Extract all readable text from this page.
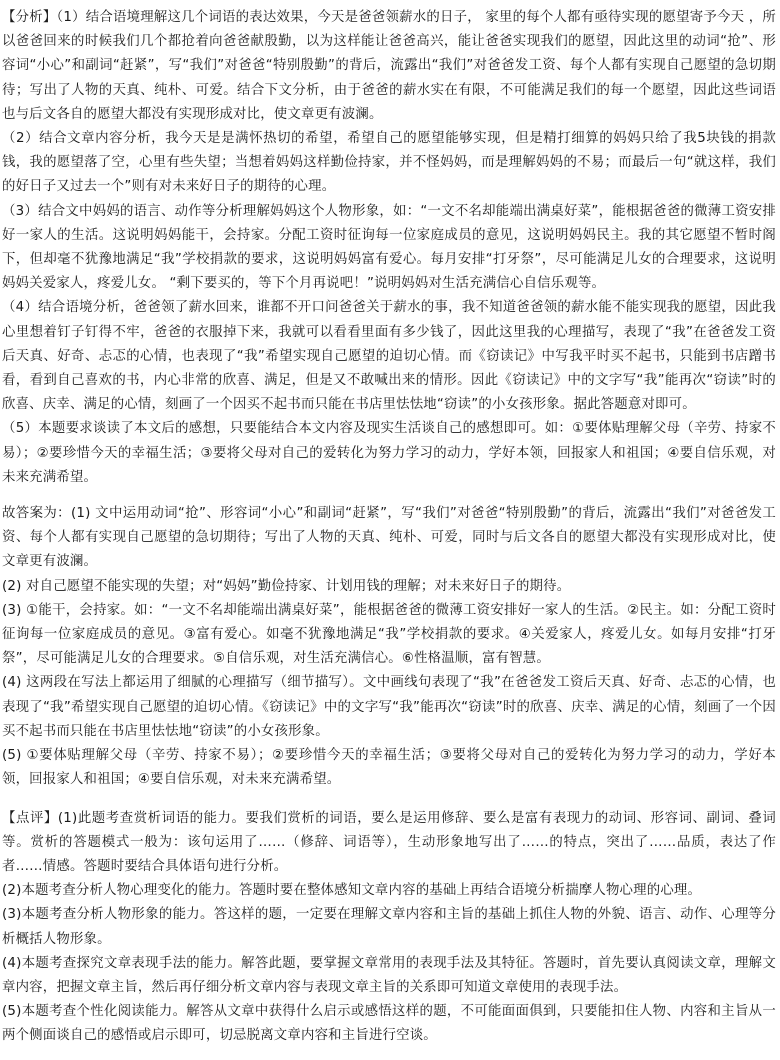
【分析】（1）结合语境理解这几个词语的表达效果，今天是爸爸领薪水的日子， 家里的每个人都有亟待实现的愿望寄予今天 ，所以爸爸回来的时候我们几个都抢着向爸爸献殷勤，以为这样能让爸爸高兴，能让爸爸实现我们的愿望，因此这里的动词“抢”、形容词“小心”和副词“赶紧”，写“我们”对爸爸“特别殷勤”的背后，流露出“我们”对爸爸发工资、每个人都有实现自己愿望的急切期待；写出了人物的天真、纯朴、可爱。结合下文分析，由于爸爸的薪水实在有限，不可能满足我们的每一个愿望，因此这些词语也与后文各自的愿望大都没有实现形成对比，使文章更有波澜。

（2）结合文章内容分析，我今天是是满怀热切的希望，希望自己的愿望能够实现，但是精打细算的妈妈只给了我5块钱的捐款钱，我的愿望落了空，心里有些失望；当想着妈妈这样勤俭持家，并不怪妈妈，而是理解妈妈的不易；而最后一句“就这样，我们的好日子又过去一个”则有对未来好日子的期待的心理。

（3）结合文中妈妈的语言、动作等分析理解妈妈这个人物形象，如：“一文不名却能端出满桌好菜”，能根据爸爸的微薄工资安排好一家人的生活。这说明妈妈能干，会持家。分配工资时征询每一位家庭成员的意见，这说明妈妈民主。我的其它愿望不暂时阁下，但却毫不犹豫地满足“我”学校捐款的要求，这说明妈妈富有爱心。每月安排“打牙祭”，尽可能满足儿女的合理要求，这说明妈妈关爱家人，疼爱儿女。 “剩下要买的，等下个月再说吧！”说明妈妈对生活充满信心自信乐观等。

（4）结合语境分析，爸爸领了薪水回来，谁都不开口问爸爸关于薪水的事，我不知道爸爸领的薪水能不能实现我的愿望，因此我心里想着钉子钉得不牢，爸爸的衣服掉下来，我就可以看看里面有多少钱了，因此这里我的心理描写，表现了“我”在爸爸发工资后天真、好奇、忐忑的心情，也表现了“我”希望实现自己愿望的迫切心情。而《窃读记》中写我平时买不起书，只能到书店蹭书看，看到自己喜欢的书，内心非常的欣喜、满足，但是又不敢喊出来的情形。因此《窃读记》中的文字写“我”能再次“窃读”时的欣喜、庆幸、满足的心情，刻画了一个因买不起书而只能在书店里怯怯地“窃读”的小女孩形象。据此答题意对即可。

（5）本题要求谈读了本文后的感想，只要能结合本文内容及现实生活谈自己的感想即可。如：①要体贴理解父母（辛劳、持家不易）；②要珍惜今天的幸福生活；③要将父母对自己的爱转化为努力学习的动力，学好本领，回报家人和祖国；④要自信乐观，对未来充满希望。

故答案为：(1) 文中运用动词“抢”、形容词“小心”和副词“赶紧”，写“我们”对爸爸“特别殷勤”的背后，流露出“我们”对爸爸发工资、每个人都有实现自己愿望的急切期待；写出了人物的天真、纯朴、可爱，同时与后文各自的愿望大都没有实现形成对比，使文章更有波澜。

(2) 对自己愿望不能实现的失望；对“妈妈”勤俭持家、计划用钱的理解；对未来好日子的期待。

(3) ①能干，会持家。如：“一文不名却能端出满桌好菜”，能根据爸爸的微薄工资安排好一家人的生活。②民主。如：分配工资时征询每一位家庭成员的意见。③富有爱心。如毫不犹豫地满足“我”学校捐款的要求。④关爱家人，疼爱儿女。如每月安排“打牙祭”，尽可能满足儿女的合理要求。⑤自信乐观，对生活充满信心。⑥性格温顺，富有智慧。

(4) 这两段在写法上都运用了细腻的心理描写（细节描写）。文中画线句表现了“我”在爸爸发工资后天真、好奇、忐忑的心情，也表现了“我”希望实现自己愿望的迫切心情。《窃读记》中的文字写“我”能再次“窃读”时的欣喜、庆幸、满足的心情，刻画了一个因买不起书而只能在书店里怯怯地“窃读”的小女孩形象。

(5) ①要体贴理解父母（辛劳、持家不易）；②要珍惜今天的幸福生活；③要将父母对自己的爱转化为努力学习的动力，学好本领，回报家人和祖国；④要自信乐观，对未来充满希望。

【点评】(1)此题考查赏析词语的能力。要我们赏析的词语，要么是运用修辞、要么是富有表现力的动词、形容词、副词、叠词等。赏析的答题模式一般为：该句运用了……（修辞、词语等），生动形象地写出了……的特点，突出了……品质，表达了作者……情感。答题时要结合具体语句进行分析。

(2)本题考查分析人物心理变化的能力。答题时要在整体感知文章内容的基础上再结合语境分析揣摩人物心理的心理。

(3)本题考查分析人物形象的能力。答这样的题，一定要在理解文章内容和主旨的基础上抓住人物的外貌、语言、动作、心理等分析概括人物形象。

(4)本题考查探究文章表现手法的能力。解答此题，要掌握文章常用的表现手法及其特征。答题时，首先要认真阅读文章，理解文章内容，把握文章主旨，然后再仔细分析文章内容与表现文章主旨的关系即可知道文章使用的表现手法。

(5)本题考查个性化阅读能力。解答从文章中获得什么启示或感悟这样的题，不可能面面俱到，只要能扣住人物、内容和主旨从一两个侧面谈自己的感悟或启示即可，切忌脱离文章内容和主旨进行空谈。
